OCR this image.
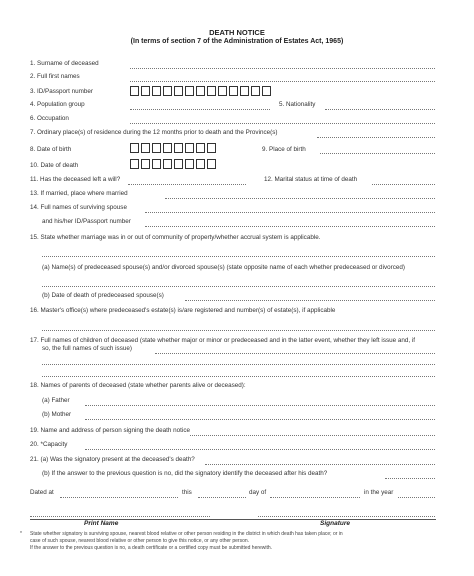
DEATH NOTICE
(In terms of section 7 of the Administration of Estates Act, 1965)
1. Surname of deceased
2. Full first names
3. ID/Passport number
4. Population group	5. Nationality
6. Occupation
7. Ordinary place(s) of residence during the 12 months prior to death and the Province(s)
8. Date of birth	9. Place of birth
10. Date of death
11. Has the deceased left a will?	12. Marital status at time of death
13. If married, place where married
14. Full names of surviving spouse
and his/her ID/Passport number
15. State whether marriage was in or out of community of property/whether accrual system is applicable.
(a) Name(s) of predeceased spouse(s) and/or divorced spouse(s) (state opposite name of each whether predeceased or divorced)
(b) Date of death of predeceased spouse(s)
16. Master's office(s) where predeceased's estate(s) is/are registered and number(s) of estate(s), if applicable
17. Full names of children of deceased (state whether major or minor or predeceased and in the latter event, whether they left issue and, if
so, the full names of such issue)
18. Names of parents of deceased (state whether parents alive or deceased):
(a) Father
(b) Mother
19. Name and address of person signing the death notice
20. *Capacity
21. (a) Was the signatory present at the deceased's death?
(b) If the answer to the previous question is no, did the signatory identify the deceased after his death?
Dated at	this	day of	in the year
Print Name	Signature
* State whether signatory is surviving spouse, nearest blood relative or other person residing in the district in which death has taken place; or in
case of such spouse, nearest blood relative or other person to give this notice, or any other person.
If the answer to the previous question is no, a death certificate or a certified copy must be submitted herewith.
